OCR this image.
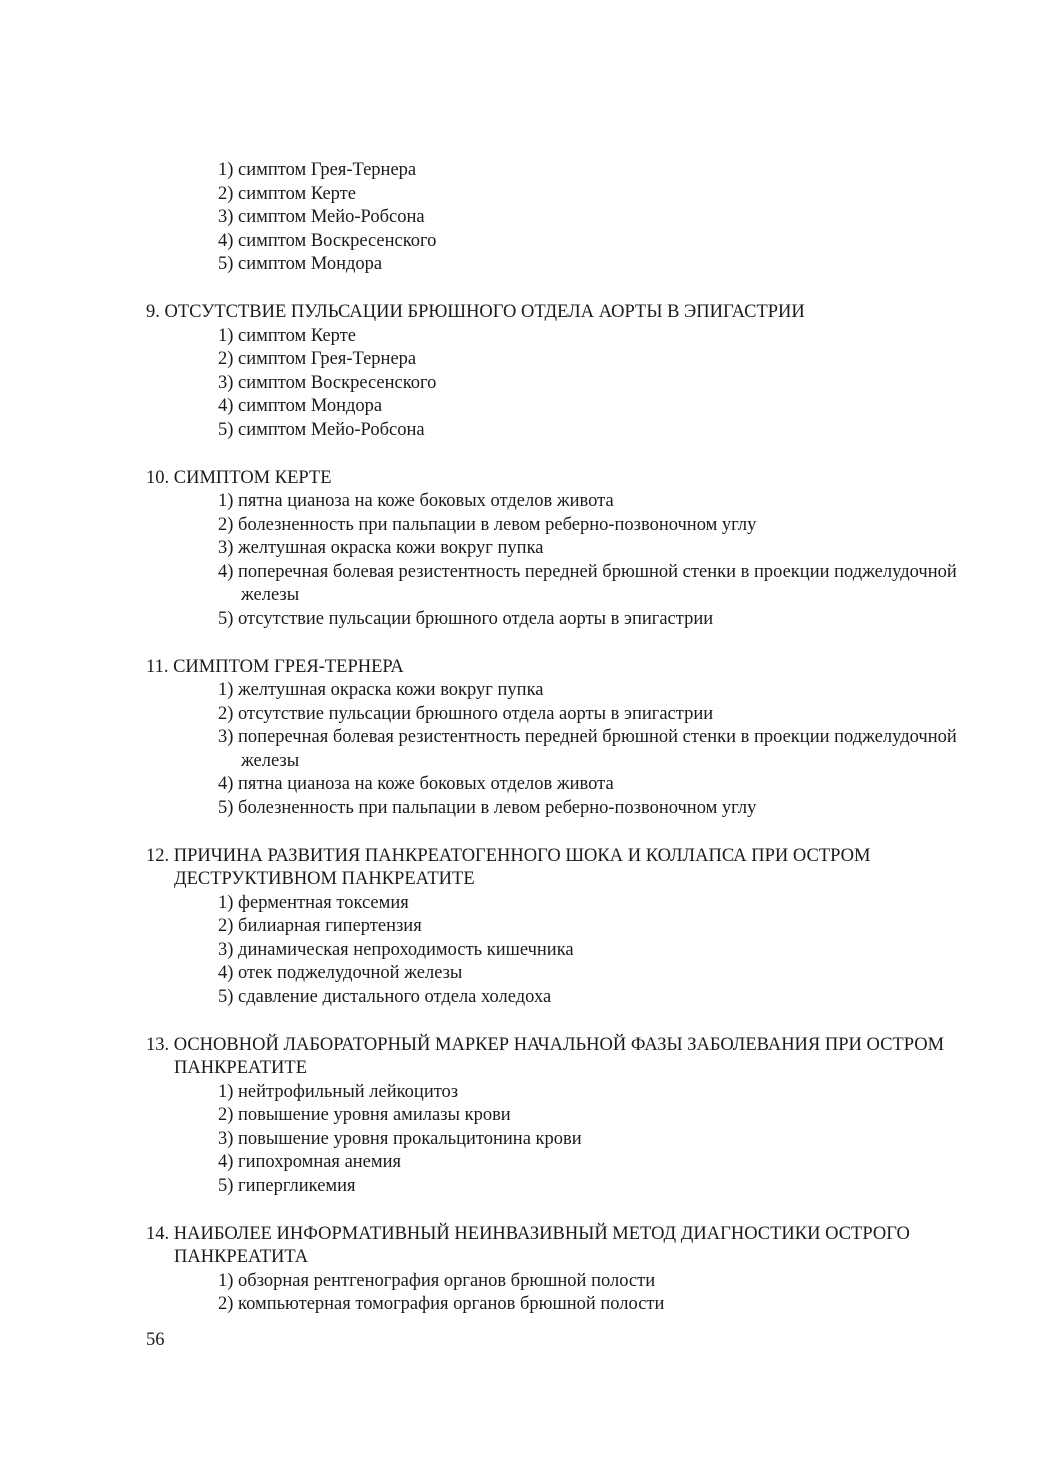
1) симптом Грея-Тернера
2) симптом Керте
3) симптом Мейо-Робсона
4) симптом Воскресенского
5) симптом Мондора

9. ОТСУТСТВИЕ ПУЛЬСАЦИИ БРЮШНОГО ОТДЕЛА АОРТЫ В ЭПИГАСТРИИ

1) симптом Керте
2) симптом Грея-Тернера
3) симптом Воскресенского
4) симптом Мондора
5) симптом Мейо-Робсона

10. СИМПТОМ КЕРТЕ

1) пятна цианоза на коже боковых отделов живота
2) болезненность при пальпации в левом реберно-позвоночном углу
3) желтушная окраска кожи вокруг пупка
4) поперечная болевая резистентность передней брюшной стенки в проекции поджелудочной железы
5) отсутствие пульсации брюшного отдела аорты в эпигастрии

11. СИМПТОМ ГРЕЯ-ТЕРНЕРА

1) желтушная окраска кожи вокруг пупка
2) отсутствие пульсации брюшного отдела аорты в эпигастрии
3) поперечная болевая резистентность передней брюшной стенки в проекции поджелудочной железы
4) пятна цианоза на коже боковых отделов живота
5) болезненность при пальпации в левом реберно-позвоночном углу

12. ПРИЧИНА РАЗВИТИЯ ПАНКРЕАТОГЕННОГО ШОКА И КОЛЛАПСА ПРИ ОСТРОМ ДЕСТРУКТИВНОМ ПАНКРЕАТИТЕ

1) ферментная токсемия
2) билиарная гипертензия
3) динамическая непроходимость кишечника
4) отек поджелудочной железы
5) сдавление дистального отдела холедоха

13. ОСНОВНОЙ ЛАБОРАТОРНЫЙ МАРКЕР НАЧАЛЬНОЙ ФАЗЫ ЗАБОЛЕВАНИЯ ПРИ ОСТРОМ ПАНКРЕАТИТЕ

1) нейтрофильный лейкоцитоз
2) повышение уровня амилазы крови
3) повышение уровня прокальцитонина крови
4) гипохромная анемия
5) гипергликемия

14. НАИБОЛЕЕ ИНФОРМАТИВНЫЙ НЕИНВАЗИВНЫЙ МЕТОД ДИАГНОСТИКИ ОСТРОГО ПАНКРЕАТИТА

1) обзорная рентгенография органов брюшной полости
2) компьютерная томография органов брюшной полости
56
